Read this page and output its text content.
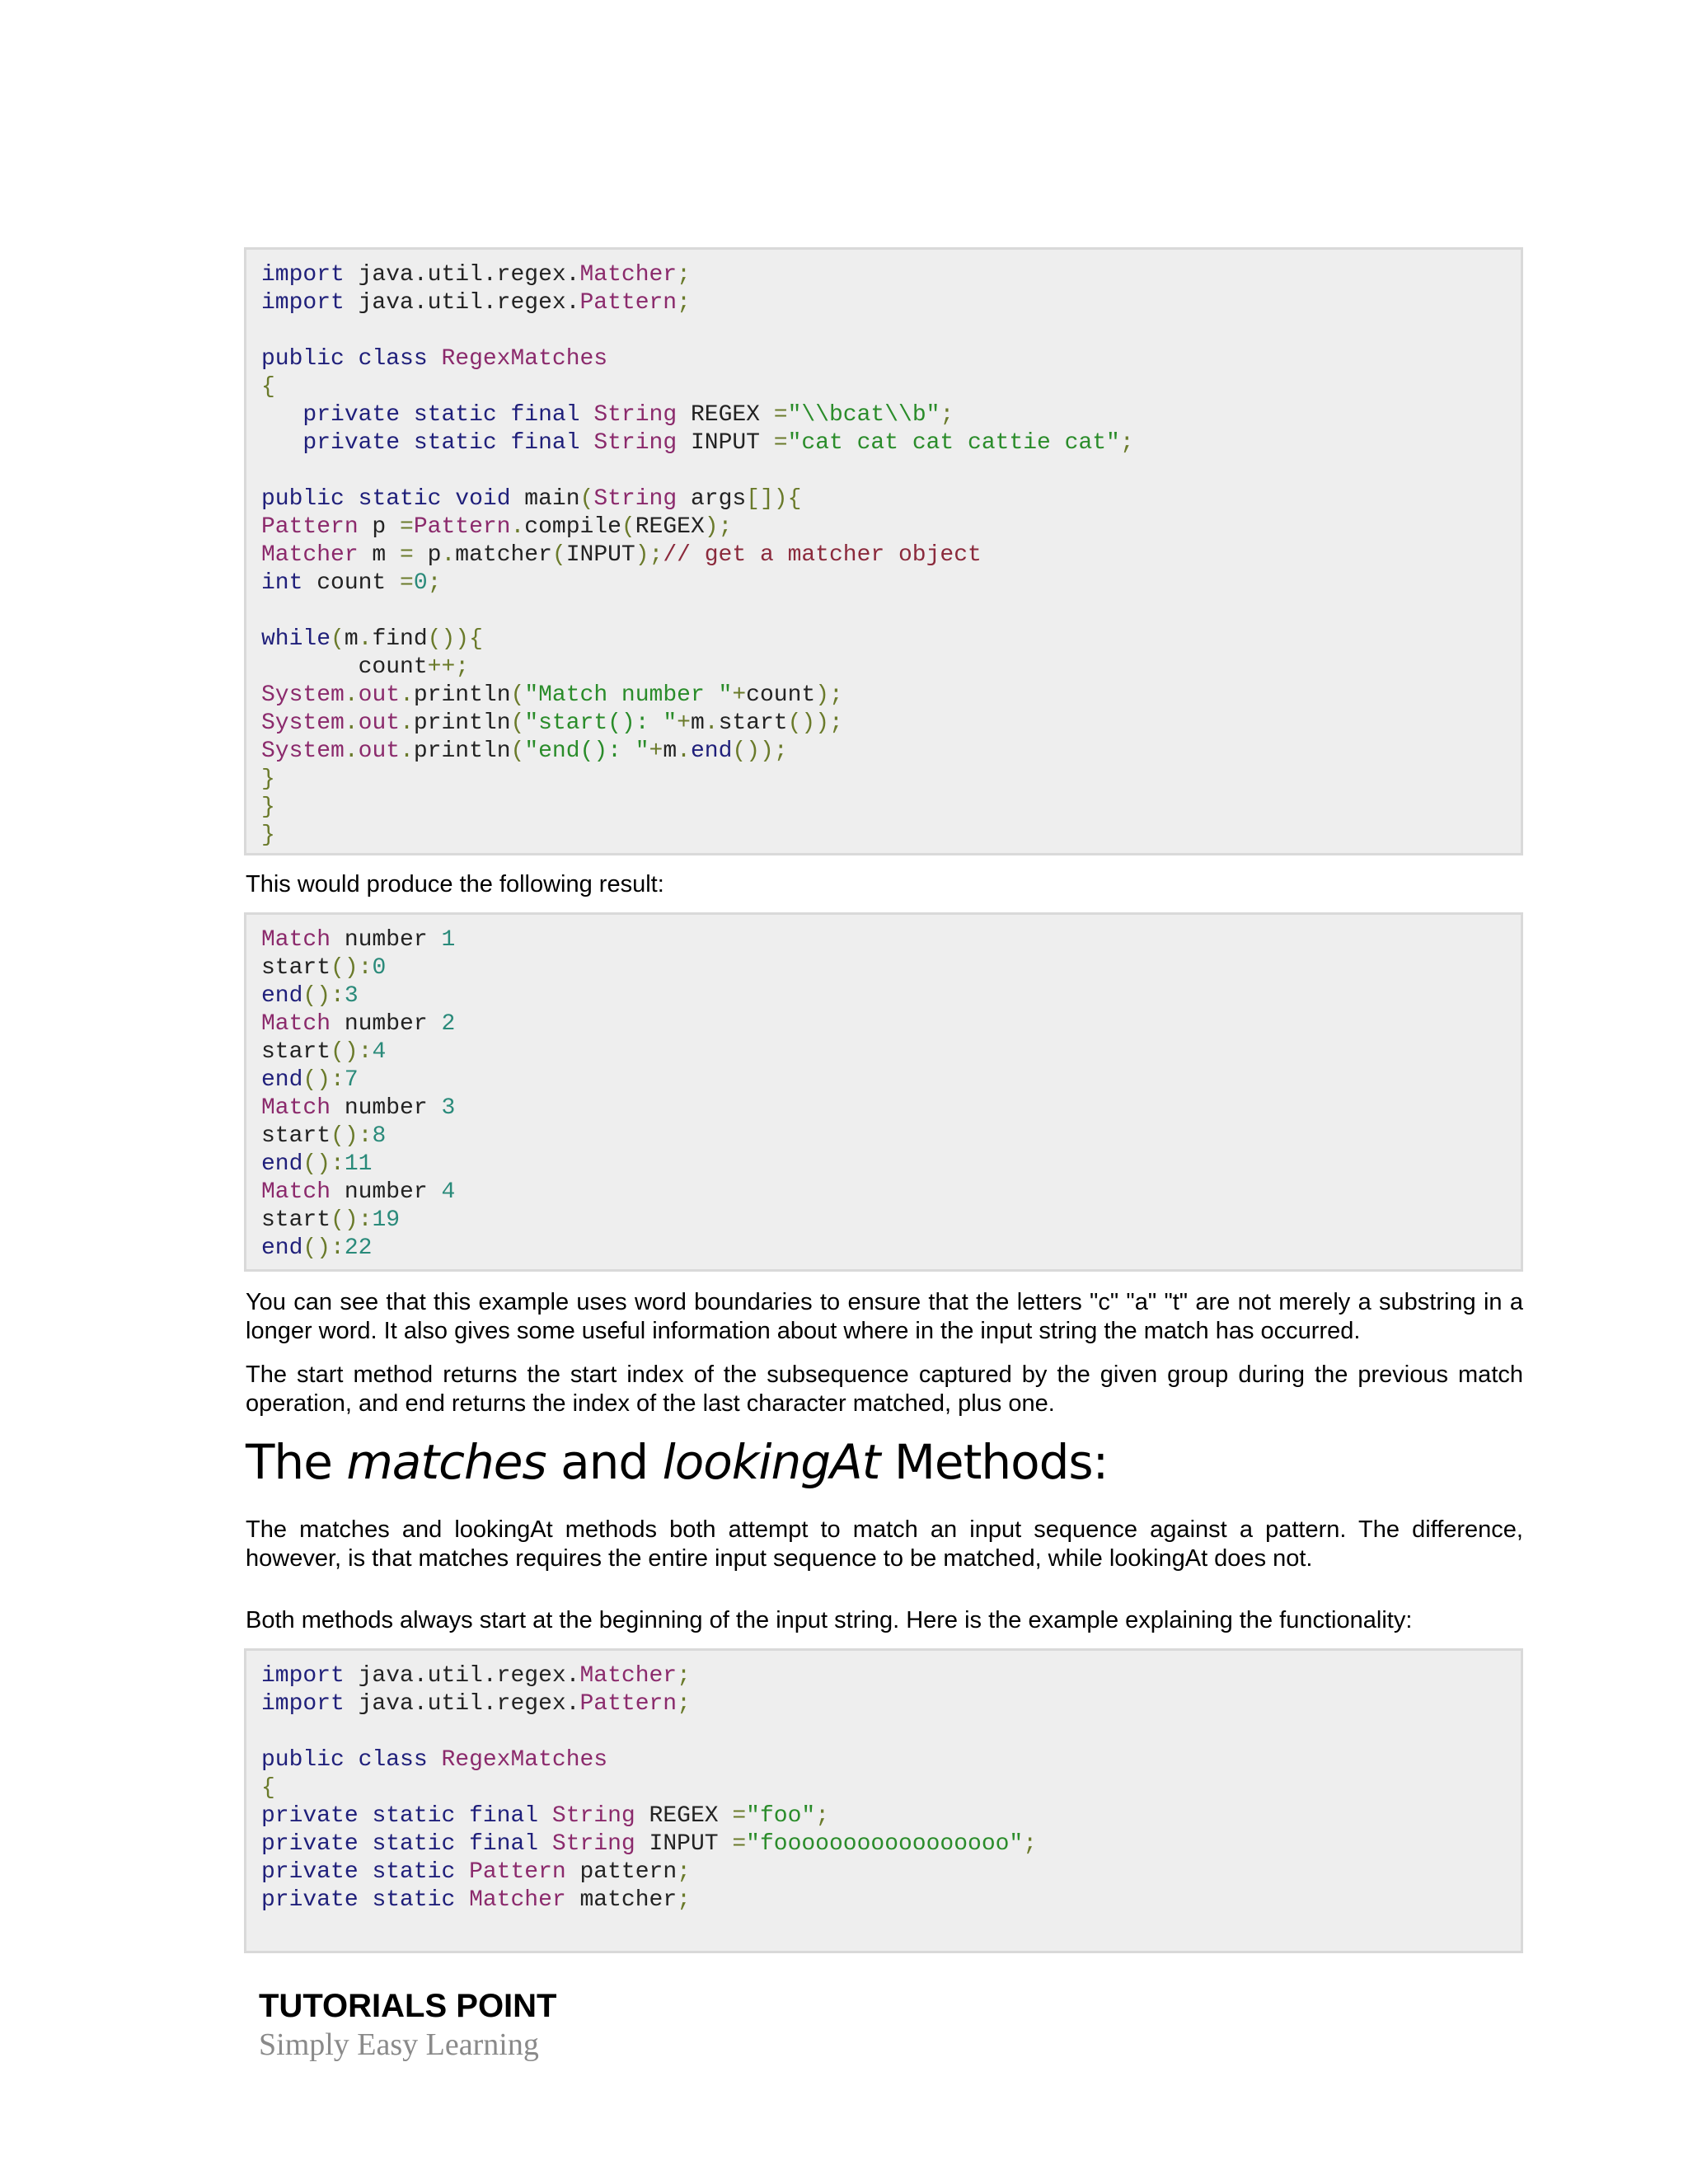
import java.util.regex.Matcher;
import java.util.regex.Pattern;
public class RegexMatches
{
private static final String REGEX ="\\bcat\\b";
private static final String INPUT ="cat cat cat cattie cat";
public static void main(String args[]){
Pattern p =Pattern.compile(REGEX);
Matcher m = p.matcher(INPUT);// get a matcher object
int count =0;
while(m.find()){
count++;
System.out.println("Match number "+count);
System.out.println("start(): "+m.start());
System.out.println("end(): "+m.end());
}
}
}

This would produce the following result:

Match number 1
start():0
end():3
Match number 2
start():4
end():7
Match number 3
start():8
end():11
Match number 4
start():19
end():22

You can see that this example uses word boundaries to ensure that the letters "c" "a" "t" are not merely a substring in a longer word. It also gives some useful information about where in the input string the match has occurred.

The start method returns the start index of the subsequence captured by the given group during the previous match operation, and end returns the index of the last character matched, plus one.

The matches and lookingAt Methods:

The matches and lookingAt methods both attempt to match an input sequence against a pattern. The difference, however, is that matches requires the entire input sequence to be matched, while lookingAt does not.

Both methods always start at the beginning of the input string. Here is the example explaining the functionality:

import java.util.regex.Matcher;
import java.util.regex.Pattern;
public class RegexMatches
{
private static final String REGEX ="foo";
private static final String INPUT ="fooooooooooooooooo";
private static Pattern pattern;
private static Matcher matcher;
TUTORIALS POINT
Simply Easy Learning
